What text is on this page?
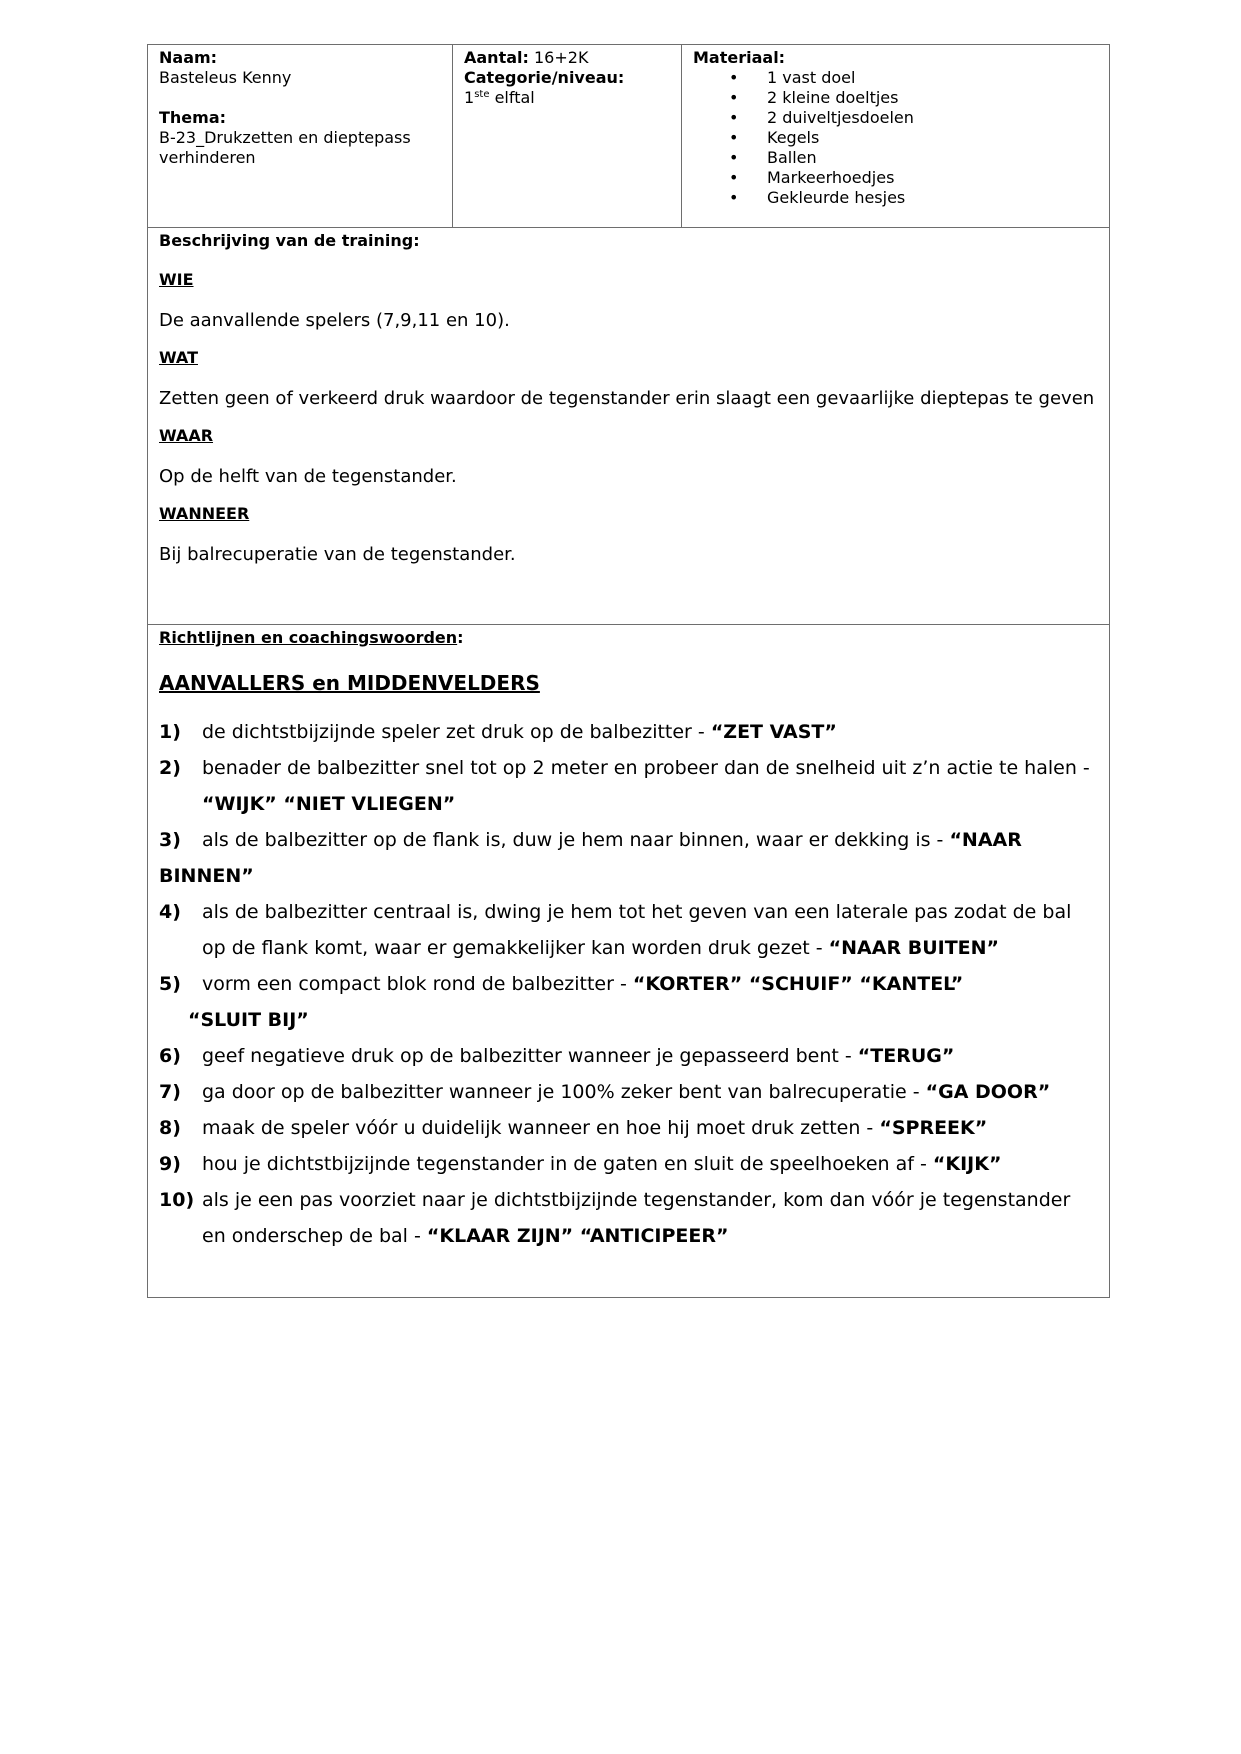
Naam:
Basteleus Kenny
Thema:
B-23_Drukzetten en dieptepass verhinderen
Aantal: 16+2K
Categorie/niveau:
1ste elftal
Materiaal:
• 1 vast doel
• 2 kleine doeltjes
• 2 duiveltjesdoelen
• Kegels
• Ballen
• Markeerhoedjes
• Gekleurde hesjes
Beschrijving van de training:
WIE
De aanvallende spelers (7,9,11 en 10).
WAT
Zetten geen of verkeerd druk waardoor de tegenstander erin slaagt een gevaarlijke dieptepas te geven
WAAR
Op de helft van de tegenstander.
WANNEER
Bij balrecuperatie van de tegenstander.
Richtlijnen en coachingswoorden:
AANVALLERS en MIDDENVELDERS
1) de dichtstbijzijnde speler zet druk op de balbezitter - “ZET VAST”
2) benader de balbezitter snel tot op 2 meter en probeer dan de snelheid uit z’n actie te halen - “WIJK” “NIET VLIEGEN”
3) als de balbezitter op de flank is, duw je hem naar binnen, waar er dekking is - “NAAR BINNEN”
4) als de balbezitter centraal is, dwing je hem tot het geven van een laterale pas zodat de bal op de flank komt, waar er gemakkelijker kan worden druk gezet - “NAAR BUITEN”
5) vorm een compact blok rond de balbezitter - “KORTER” “SCHUIF” “KANTEL”
“SLUIT BIJ”
6) geef negatieve druk op de balbezitter wanneer je gepasseerd bent - “TERUG”
7) ga door op de balbezitter wanneer je 100% zeker bent van balrecuperatie - “GA DOOR”
8) maak de speler vóór u duidelijk wanneer en hoe hij moet druk zetten - “SPREEK”
9) hou je dichtstbijzijnde tegenstander in de gaten en sluit de speelhoeken af - “KIJK”
10) als je een pas voorziet naar je dichtstbijzijnde tegenstander, kom dan vóór je tegenstander en onderschep de bal - “KLAAR ZIJN” “ANTICIPEER”
